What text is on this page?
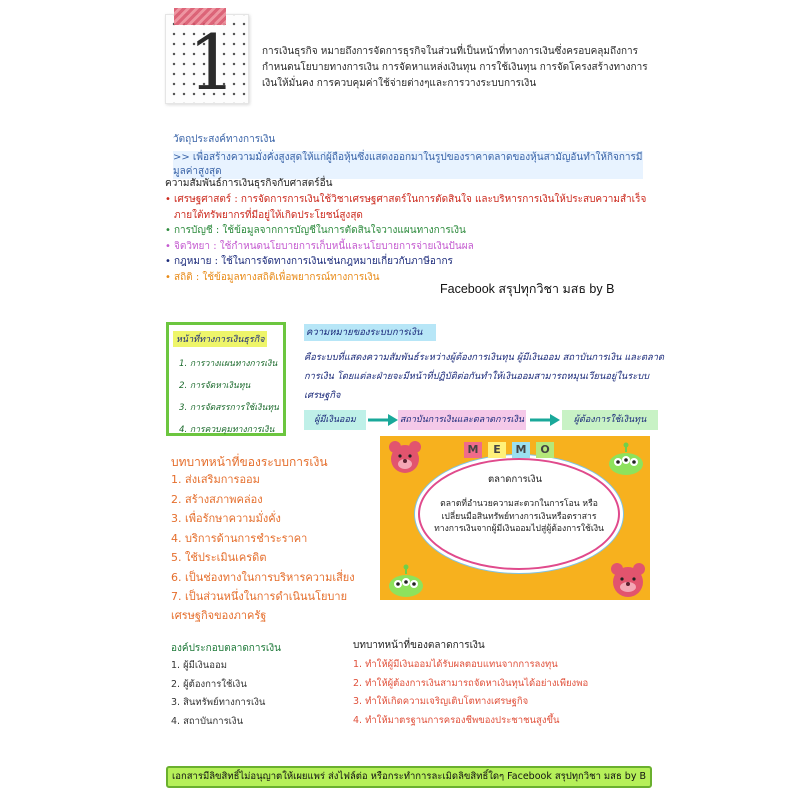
1	การเงินธุรกิจ หมายถึงการจัดการธุรกิจในส่วนที่เป็นหน้าที่ทางการเงินซึ่งครอบคลุมถึงการกำหนดนโยบายทางการเงิน การจัดหาแหล่งเงินทุน การใช้เงินทุน การจัดโครงสร้างทางการเงินให้มั่นคง การควบคุมค่าใช้จ่ายต่างๆและการวางระบบการเงิน

วัตถุประสงค์ทางการเงิน
>> เพื่อสร้างความมั่งคั่งสูงสุดให้แก่ผู้ถือหุ้นซึ่งแสดงออกมาในรูปของราคาตลาดของหุ้นสามัญอันทำให้กิจการมีมูลค่าสูงสุด
ความสัมพันธ์การเงินธุรกิจกับศาสตร์อื่น
• เศรษฐศาสตร์ : การจัดการการเงินใช้วิชาเศรษฐศาสตร์ในการตัดสินใจ และบริหารการเงินให้ประสบความสำเร็จภายใต้ทรัพยากรที่มีอยู่ให้เกิดประโยชน์สูงสุด
• การบัญชี : ใช้ข้อมูลจากการบัญชีในการตัดสินใจวางแผนทางการเงิน
• จิตวิทยา : ใช้กำหนดนโยบายการเก็บหนี้และนโยบายการจ่ายเงินปันผล
• กฎหมาย : ใช้ในการจัดทางการเงินเช่นกฎหมายเกี่ยวกับภาษีอากร
• สถิติ : ใช้ข้อมูลทางสถิติเพื่อพยากรณ์ทางการเงิน
Facebook สรุปทุกวิชา มสธ by B
หน้าที่ทางการเงินธุรกิจ
1. การวางแผนทางการเงิน
2. การจัดหาเงินทุน
3. การจัดสรรการใช้เงินทุน
4. การควบคุมทางการเงิน
ความหมายของระบบการเงิน

คือระบบที่แสดงความสัมพันธ์ระหว่างผู้ต้องการเงินทุน ผู้มีเงินออม สถาบันการเงิน และตลาดการเงิน โดยแต่ละฝ่ายจะมีหน้าที่ปฏิบัติต่อกันทำให้เงินออมสามารถหมุนเวียนอยู่ในระบบเศรษฐกิจ

ผู้มีเงินออม	สถาบันการเงินและตลาดการเงิน	ผู้ต้องการใช้เงินทุน
บทบาทหน้าที่ของระบบการเงิน
1. ส่งเสริมการออม
2. สร้างสภาพคล่อง
3. เพื่อรักษาความมั่งคั่ง
4. บริการด้านการชำระราคา
5. ใช้ประเมินเครดิต
6. เป็นช่องทางในการบริหารความเสี่ยง
7. เป็นส่วนหนึ่งในการดำเนินนโยบาย
เศรษฐกิจของภาครัฐ
M	E	M	O
ตลาดการเงิน

ตลาดที่อำนวยความสะดวกในการโอน หรือเปลี่ยนมือสินทรัพย์ทางการเงินหรือตราสารทางการเงินจากผู้มีเงินออมไปสู่ผู้ต้องการใช้เงิน

องค์ประกอบตลาดการเงิน
1. ผู้มีเงินออม
2. ผู้ต้องการใช้เงิน
3. สินทรัพย์ทางการเงิน
4. สถาบันการเงิน
บทบาทหน้าที่ของตลาดการเงิน
1. ทำให้ผู้มีเงินออมได้รับผลตอบแทนจากการลงทุน
2. ทำให้ผู้ต้องการเงินสามารถจัดหาเงินทุนได้อย่างเพียงพอ
3. ทำให้เกิดความเจริญเติบโตทางเศรษฐกิจ
4. ทำให้มาตรฐานการครองชีพของประชาชนสูงขึ้น
เอกสารมีลิขสิทธิ์ไม่อนุญาตให้เผยแพร่ ส่งไฟล์ต่อ หรือกระทำการละเมิดลิขสิทธิ์ใดๆ Facebook สรุปทุกวิชา มสธ by B
